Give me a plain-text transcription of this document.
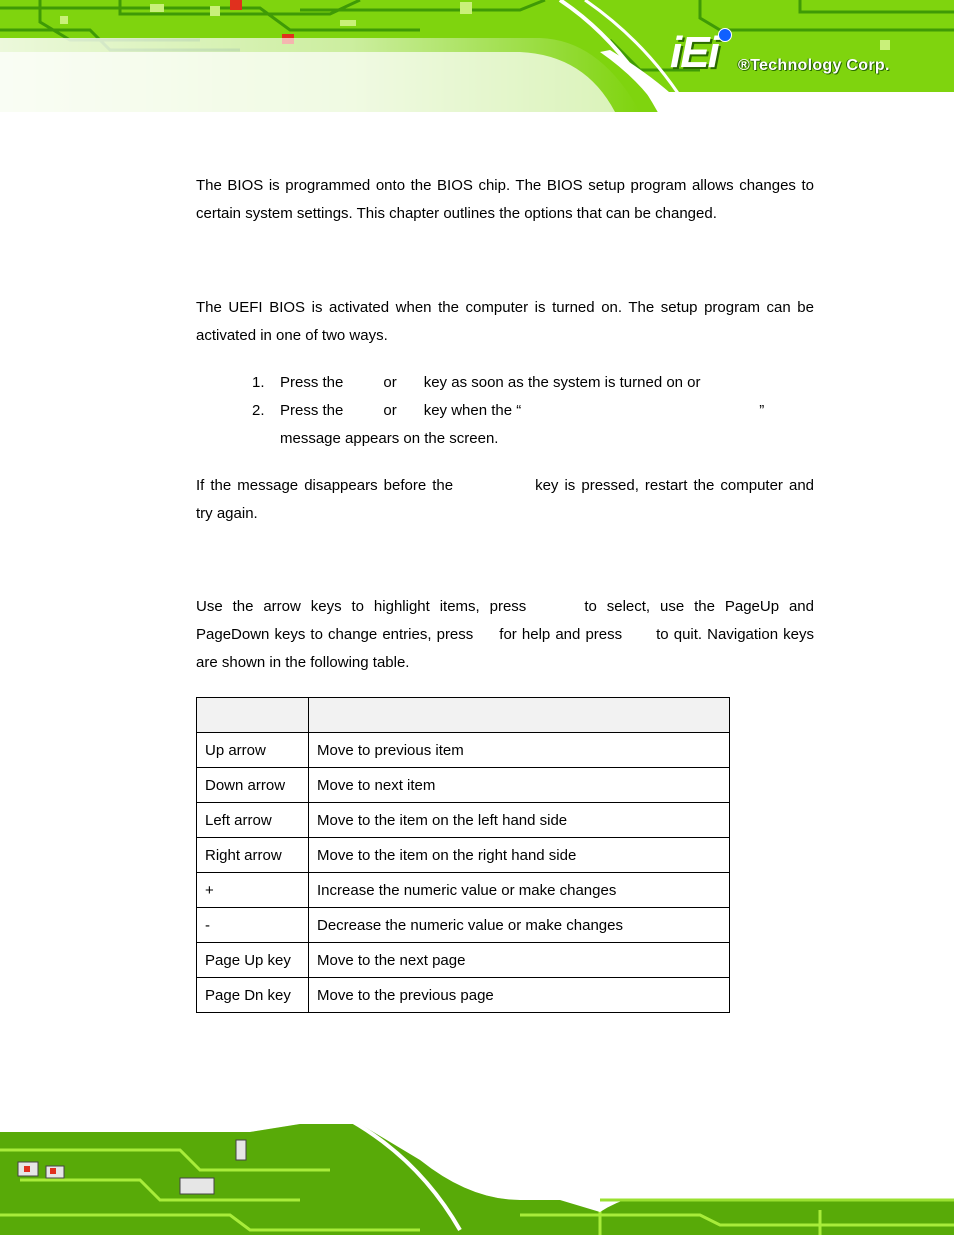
iEi ®Technology Corp.

The BIOS is programmed onto the BIOS chip. The BIOS setup program allows changes to certain system settings. This chapter outlines the options that can be changed.

The UEFI BIOS is activated when the computer is turned on. The setup program can be activated in one of two ways.

1. Press the	or key as soon as the system is turned on or
2. Press the	or key when the “	”
message appears on the screen.

If the message disappears before the	key is pressed, restart the computer and try again.

Use the arrow keys to highlight items, press	to select, use the PageUp and PageDown keys to change entries, press for help and press to quit. Navigation keys are shown in the following table.

Up arrow	Move to previous item
Down arrow	Move to next item
Left arrow	Move to the item on the left hand side
Right arrow	Move to the item on the right hand side
+	Increase the numeric value or make changes
-	Decrease the numeric value or make changes
Page Up key	Move to the next page
Page Dn key	Move to the previous page
